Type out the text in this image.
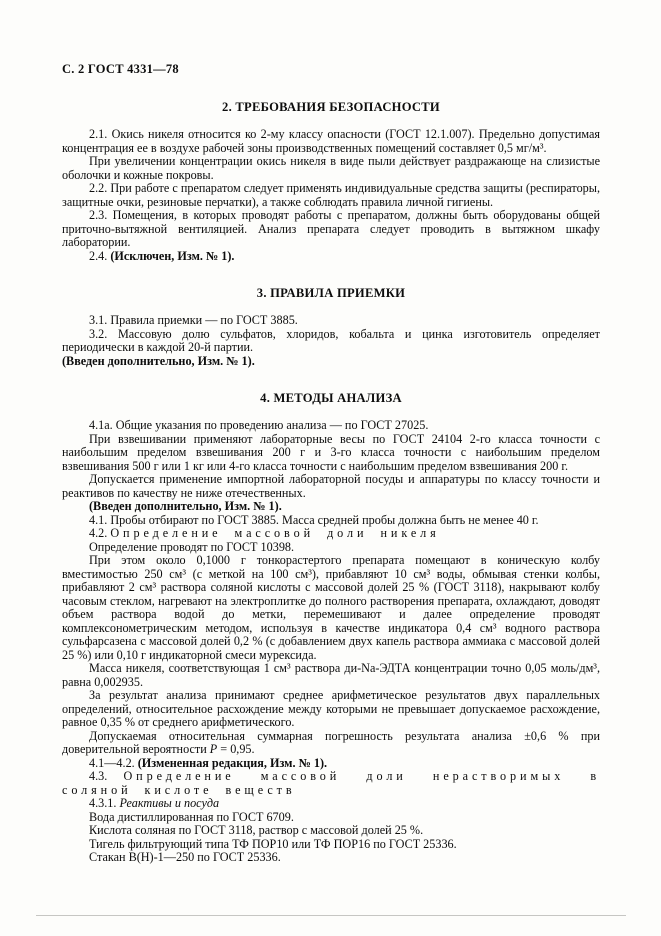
С. 2 ГОСТ 4331—78
2. ТРЕБОВАНИЯ БЕЗОПАСНОСТИ

2.1. Окись никеля относится ко 2-му классу опасности (ГОСТ 12.1.007). Предельно допустимая концентрация ее в воздухе рабочей зоны производственных помещений составляет 0,5 мг/м³.

При увеличении концентрации окись никеля в виде пыли действует раздражающе на слизистые оболочки и кожные покровы.

2.2. При работе с препаратом следует применять индивидуальные средства защиты (респираторы, защитные очки, резиновые перчатки), а также соблюдать правила личной гигиены.

2.3. Помещения, в которых проводят работы с препаратом, должны быть оборудованы общей приточно-вытяжной вентиляцией. Анализ препарата следует проводить в вытяжном шкафу лаборатории.

2.4. (Исключен, Изм. № 1).

3. ПРАВИЛА ПРИЕМКИ

3.1. Правила приемки — по ГОСТ 3885.

3.2. Массовую долю сульфатов, хлоридов, кобальта и цинка изготовитель определяет периодически в каждой 20-й партии.

(Введен дополнительно, Изм. № 1).

4. МЕТОДЫ АНАЛИЗА

4.1а. Общие указания по проведению анализа — по ГОСТ 27025.

При взвешивании применяют лабораторные весы по ГОСТ 24104 2-го класса точности с наибольшим пределом взвешивания 200 г и 3-го класса точности с наибольшим пределом взвешивания 500 г или 1 кг или 4-го класса точности с наибольшим пределом взвешивания 200 г.

Допускается применение импортной лабораторной посуды и аппаратуры по классу точности и реактивов по качеству не ниже отечественных.

(Введен дополнительно, Изм. № 1).

4.1. Пробы отбирают по ГОСТ 3885. Масса средней пробы должна быть не менее 40 г.

4.2. Определение массовой доли никеля

Определение проводят по ГОСТ 10398.

При этом около 0,1000 г тонкорастертого препарата помещают в коническую колбу вместимостью 250 см³ (с меткой на 100 см³), прибавляют 10 см³ воды, обмывая стенки колбы, прибавляют 2 см³ раствора соляной кислоты с массовой долей 25 % (ГОСТ 3118), накрывают колбу часовым стеклом, нагревают на электроплитке до полного растворения препарата, охлаждают, доводят объем раствора водой до метки, перемешивают и далее определение проводят комплексонометрическим методом, используя в качестве индикатора 0,4 см³ водного раствора сульфарсазена с массовой долей 0,2 % (с добавлением двух капель раствора аммиака с массовой долей 25 %) или 0,10 г индикаторной смеси мурексида.

Масса никеля, соответствующая 1 см³ раствора ди-Na-ЭДТА концентрации точно 0,05 моль/дм³, равна 0,002935.

За результат анализа принимают среднее арифметическое результатов двух параллельных определений, относительное расхождение между которыми не превышает допускаемое расхождение, равное 0,35 % от среднего арифметического.

Допускаемая относительная суммарная погрешность результата анализа ±0,6 % при доверительной вероятности Р = 0,95.

4.1—4.2. (Измененная редакция, Изм. № 1).

4.3. Определение массовой доли нерастворимых в соляной кислоте веществ

4.3.1. Реактивы и посуда

Вода дистиллированная по ГОСТ 6709.

Кислота соляная по ГОСТ 3118, раствор с массовой долей 25 %.

Тигель фильтрующий типа ТФ ПОР10 или ТФ ПОР16 по ГОСТ 25336.

Стакан В(Н)-1—250 по ГОСТ 25336.
